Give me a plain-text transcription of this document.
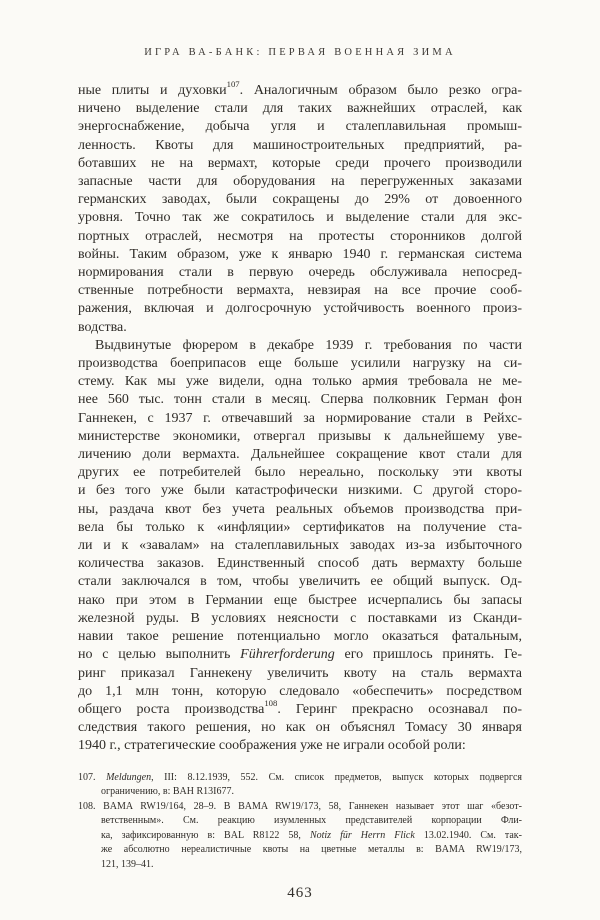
ИГРА ВА-БАНК: ПЕРВАЯ ВОЕННАЯ ЗИМА
ные плиты и духовки$^{107}$. Аналогичным образом было резко огра-
ничено выделение стали для таких важнейших отраслей, как
энергоснабжение, добыча угля и сталеплавильная промыш-
ленность. Квоты для машиностроительных предприятий, ра-
ботавших не на вермахт, которые среди прочего производили
запасные части для оборудования на перегруженных заказами
германских заводах, были сокращены до 29% от довоенного
уровня. Точно так же сократилось и выделение стали для экс-
портных отраслей, несмотря на протесты сторонников долгой
войны. Таким образом, уже к январю 1940 г. германская система
нормирования стали в первую очередь обслуживала непосред-
ственные потребности вермахта, невзирая на все прочие сооб-
ражения, включая и долгосрочную устойчивость военного произ-
водства.
Выдвинутые фюрером в декабре 1939 г. требования по части
производства боеприпасов еще больше усилили нагрузку на си-
стему. Как мы уже видели, одна только армия требовала не ме-
нее 560 тыс. тонн стали в месяц. Сперва полковник Герман фон
Ганнекен, с 1937 г. отвечавший за нормирование стали в Рейхс-
министерстве экономики, отвергал призывы к дальнейшему уве-
личению доли вермахта. Дальнейшее сокращение квот стали для
других ее потребителей было нереально, поскольку эти квоты
и без того уже были катастрофически низкими. С другой сторо-
ны, раздача квот без учета реальных объемов производства при-
вела бы только к «инфляции» сертификатов на получение ста-
ли и к «завалам» на сталеплавильных заводах из-за избыточного
количества заказов. Единственный способ дать вермахту больше
стали заключался в том, чтобы увеличить ее общий выпуск. Од-
нако при этом в Германии еще быстрее исчерпались бы запасы
железной руды. В условиях неясности с поставками из Сканди-
навии такое решение потенциально могло оказаться фатальным,
но с целью выполнить Führerforderung его пришлось принять. Ге-
ринг приказал Ганнекену увеличить квоту на сталь вермахта
до 1,1 млн тонн, которую следовало «обеспечить» посредством
общего роста производства$^{108}$. Геринг прекрасно осознавал по-
следствия такого решения, но как он объяснял Томасу 30 января
1940 г., стратегические соображения уже не играли особой роли:
107. Meldungen, III: 8.12.1939, 552. См. список предметов, выпуск которых подвергся
ограничению, в: BAH R13I677.
108. BAMA RW19/164, 28–9. В BAMA RW19/173, 58, Ганнекен называет этот шаг «безот-
ветственным». См. реакцию изумленных представителей корпорации Фли-
ка, зафиксированную в: BAL R8122 58, Notiz für Herrn Flick 13.02.1940. См. так-
же абсолютно нереалистичные квоты на цветные металлы в: BAMA RW19/173,
121, 139–41.
463
